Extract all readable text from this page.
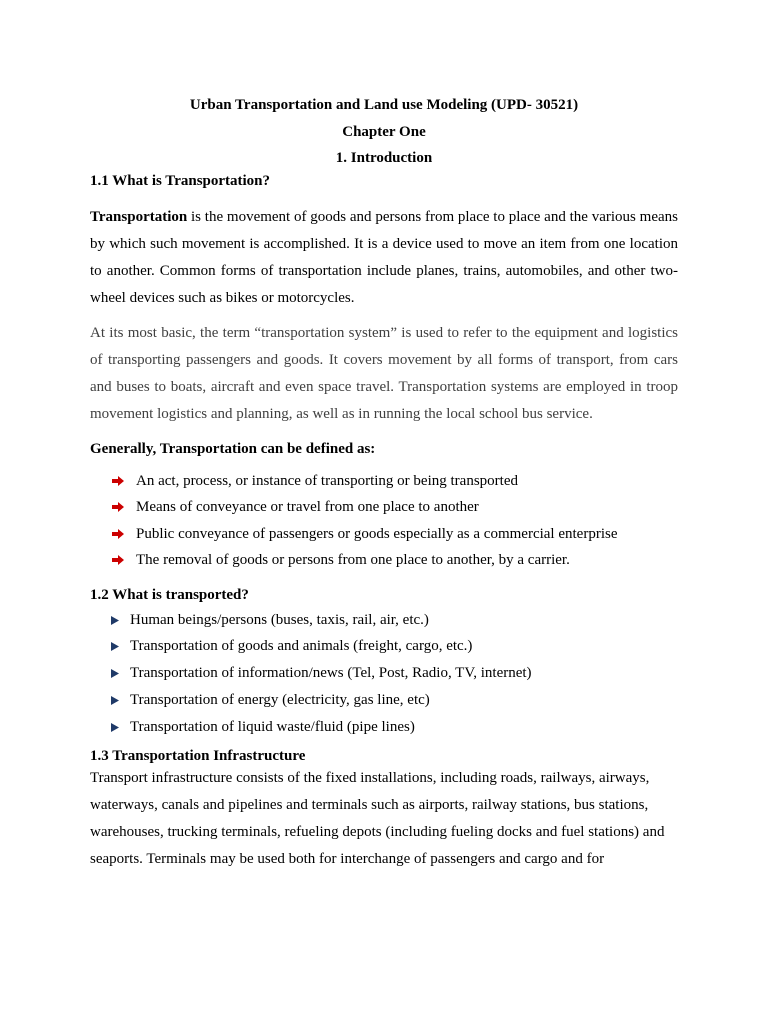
Urban Transportation and Land use Modeling (UPD- 30521)
Chapter One
1. Introduction
1.1 What is Transportation?

Transportation is the movement of goods and persons from place to place and the various means by which such movement is accomplished. It is a device used to move an item from one location to another. Common forms of transportation include planes, trains, automobiles, and other two-wheel devices such as bikes or motorcycles.

At its most basic, the term “transportation system” is used to refer to the equipment and logistics of transporting passengers and goods. It covers movement by all forms of transport, from cars and buses to boats, aircraft and even space travel. Transportation systems are employed in troop movement logistics and planning, as well as in running the local school bus service.

Generally, Transportation can be defined as:
An act, process, or instance of transporting or being transported
Means of conveyance or travel from one place to another
Public conveyance of passengers or goods especially as a commercial enterprise
The removal of goods or persons from one place to another, by a carrier.
1.2 What is transported?
Human beings/persons (buses, taxis, rail, air, etc.)
Transportation of goods and animals (freight, cargo, etc.)
Transportation of information/news (Tel, Post, Radio, TV, internet)
Transportation of energy (electricity, gas line, etc)
Transportation of liquid waste/fluid (pipe lines)
1.3 Transportation Infrastructure
Transport infrastructure consists of the fixed installations, including roads, railways, airways,
waterways, canals and pipelines and terminals such as airports, railway stations, bus stations,
warehouses, trucking terminals, refueling depots (including fueling docks and fuel stations) and
seaports. Terminals may be used both for interchange of passengers and cargo and for
